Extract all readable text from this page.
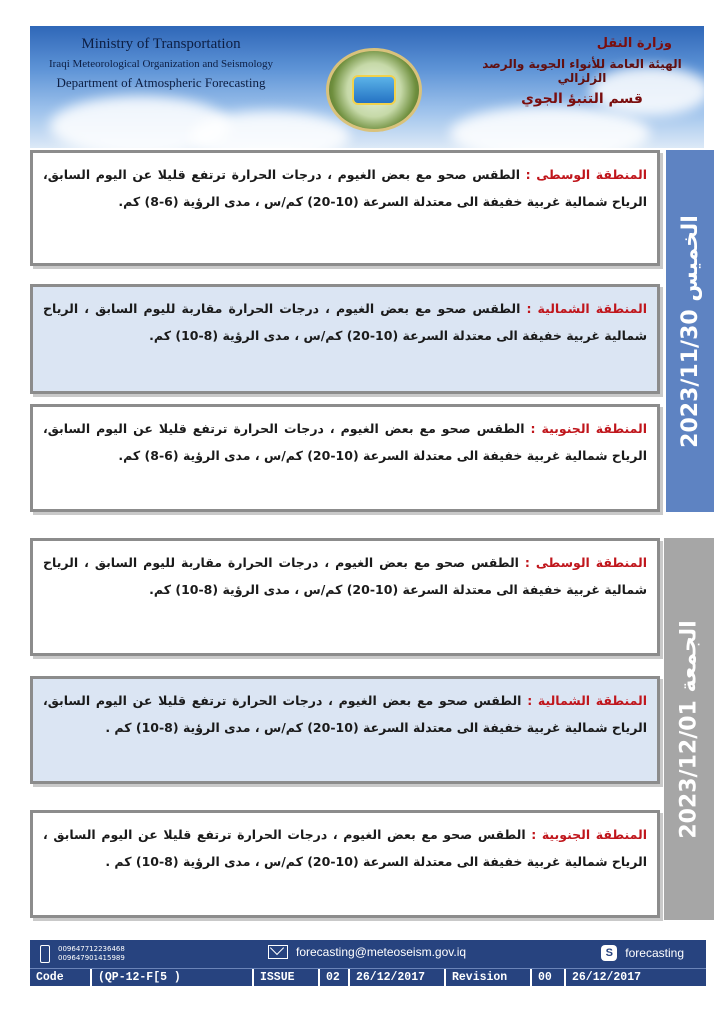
Ministry of Transportation
Iraqi Meteorological Organization and Seismology
Department of Atmospheric Forecasting
وزارة النقل
الهيئة العامة للأنواء الجوية والرصد الزلزالي
قسم التنبؤ الجوي
الخميس 2023/11/30
المنطقة الوسطى : الطقس صحو مع بعض الغيوم ، درجات الحرارة ترتفع قليلا عن اليوم السابق، الرياح شمالية غربية خفيفة الى معتدلة السرعة (10-20) كم/س ، مدى الرؤية (6-8) كم.
المنطقة الشمالية : الطقس صحو مع بعض الغيوم ، درجات الحرارة مقاربة لليوم السابق ، الرياح شمالية غربية خفيفة الى معتدلة السرعة (10-20) كم/س ، مدى الرؤية (8-10) كم.
المنطقة الجنوبية : الطقس صحو مع بعض الغيوم ، درجات الحرارة ترتفع قليلا عن اليوم السابق، الرياح شمالية غربية خفيفة الى معتدلة السرعة (10-20) كم/س ، مدى الرؤية (6-8) كم.
الجمعة 2023/12/01
المنطقة الوسطى : الطقس صحو مع بعض الغيوم ، درجات الحرارة مقاربة لليوم السابق ، الرياح شمالية غربية خفيفة الى معتدلة السرعة (10-20) كم/س ، مدى الرؤية (8-10) كم.
المنطقة الشمالية : الطقس صحو مع بعض الغيوم ، درجات الحرارة ترتفع قليلا عن اليوم السابق، الرياح شمالية غربية خفيفة الى معتدلة السرعة (10-20) كم/س ، مدى الرؤية (8-10) كم .
المنطقة الجنوبية : الطقس صحو مع بعض الغيوم ، درجات الحرارة ترتفع قليلا عن اليوم السابق ، الرياح شمالية غربية خفيفة الى معتدلة السرعة (10-20) كم/س ، مدى الرؤية (8-10) كم .
009647712236468
009647901415989	forecasting@meteoseism.gov.iq	S	forecasting
Code	(QP-12-F[5 )	ISSUE	02	26/12/2017	Revision	00	26/12/2017
